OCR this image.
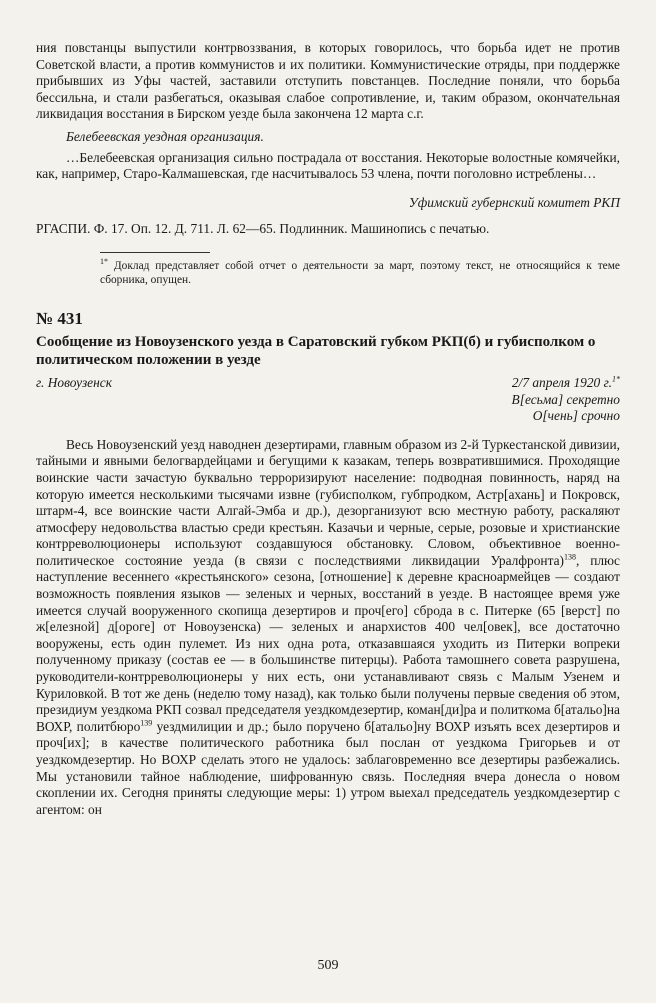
ния повстанцы выпустили контрвоззвания, в которых говорилось, что борьба идет не против Советской власти, а против коммунистов и их политики. Коммунистические отряды, при поддержке прибывших из Уфы частей, заставили отступить повстанцев. Последние поняли, что борьба бессильна, и стали разбегаться, оказывая слабое сопротивление, и, таким образом, окончательная ликвидация восстания в Бирском уезде была закончена 12 марта с.г.

Белебеевская уездная организация.

…Белебеевская организация сильно пострадала от восстания. Некоторые волостные комячейки, как, например, Старо-Калмашевская, где насчитывалось 53 члена, почти поголовно истреблены…

Уфимский губернский комитет РКП

РГАСПИ. Ф. 17. Оп. 12. Д. 711. Л. 62—65. Подлинник. Машинопись с печатью.

$^{1*}$ Доклад представляет собой отчет о деятельности за март, поэтому текст, не относящийся к теме сборника, опущен.

№ 431

Сообщение из Новоузенского уезда в Саратовский губком РКП(б) и губисполком о политическом положении в уезде

г. Новоузенск	2/7 апреля 1920 г.$^{1*}$

В[есьма] секретно

О[чень] срочно

Весь Новоузенский уезд наводнен дезертирами, главным образом из 2-й Туркестанской дивизии, тайными и явными белогвардейцами и бегущими к казакам, теперь возвратившимися. Проходящие воинские части зачастую буквально терроризируют население: подводная повинность, наряд на которую имеется несколькими тысячами извне (губисполком, губпродком, Астр[ахань] и Покровск, штарм-4, все воинские части Алгай-Эмба и др.), дезорганизуют всю местную работу, раскаляют атмосферу недовольства властью среди крестьян. Казачьи и черные, серые, розовые и христианские контрреволюционеры используют создавшуюся обстановку. Словом, объективное военно-политическое состояние уезда (в связи с последствиями ликвидации Уралфронта)$^{138}$, плюс наступление весеннего «крестьянского» сезона, [отношение] к деревне красноармейцев — создают возможность появления языков — зеленых и черных, восстаний в уезде. В настоящее время уже имеется случай вооруженного скопища дезертиров и проч[его] сброда в с. Питерке (65 [верст] по ж[елезной] д[ороге] от Новоузенска) — зеленых и анархистов 400 чел[овек], все достаточно вооружены, есть один пулемет. Из них одна рота, отказавшаяся уходить из Питерки вопреки полученному приказу (состав ее — в большинстве питерцы). Работа тамошнего совета разрушена, руководители-контрреволюционеры у них есть, они устанавливают связь с Малым Узенем и Куриловкой. В тот же день (неделю тому назад), как только были получены первые сведения об этом, президиум уездкома РКП созвал председателя уездкомдезертир, коман[ди]ра и политкома б[атальо]на ВОХР, политбюро$^{139}$ уездмилиции и др.; было поручено б[атальо]ну ВОХР изъять всех дезертиров и проч[их]; в качестве политического работника был послан от уездкома Григорьев и от уездкомдезертир. Но ВОХР сделать этого не удалось: заблаговременно все дезертиры разбежались. Мы установили тайное наблюдение, шифрованную связь. Последняя вчера донесла о новом скоплении их. Сегодня приняты следующие меры: 1) утром выехал председатель уездкомдезертир с агентом: он

509
